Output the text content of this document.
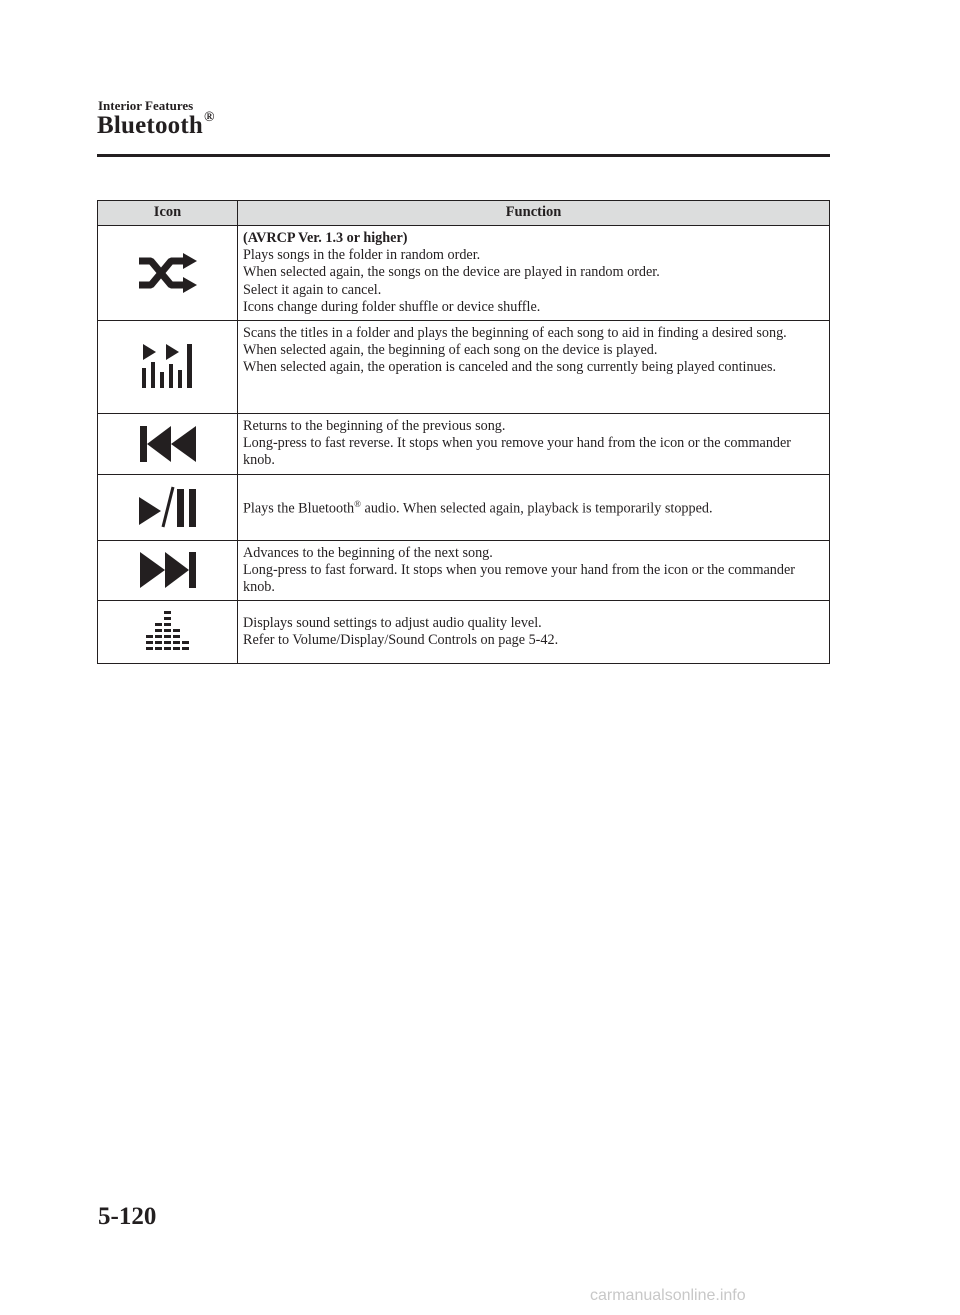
Interior Features
Bluetooth®
Icon	Function

(AVRCP Ver. 1.3 or higher)
Plays songs in the folder in random order.
When selected again, the songs on the device are played in random order.
Select it again to cancel.
Icons change during folder shuffle or device shuffle.

Scans the titles in a folder and plays the beginning of each song to aid in finding a desired song.
When selected again, the beginning of each song on the device is played.
When selected again, the operation is canceled and the song currently being played continues.

Returns to the beginning of the previous song.
Long-press to fast reverse. It stops when you remove your hand from the icon or the commander knob.

	Plays the Bluetooth® audio. When selected again, playback is temporarily stopped.

Advances to the beginning of the next song.
Long-press to fast forward. It stops when you remove your hand from the icon or the commander knob.

Displays sound settings to adjust audio quality level.
Refer to Volume/Display/Sound Controls on page 5-42.
5-120
carmanualsonline.info
